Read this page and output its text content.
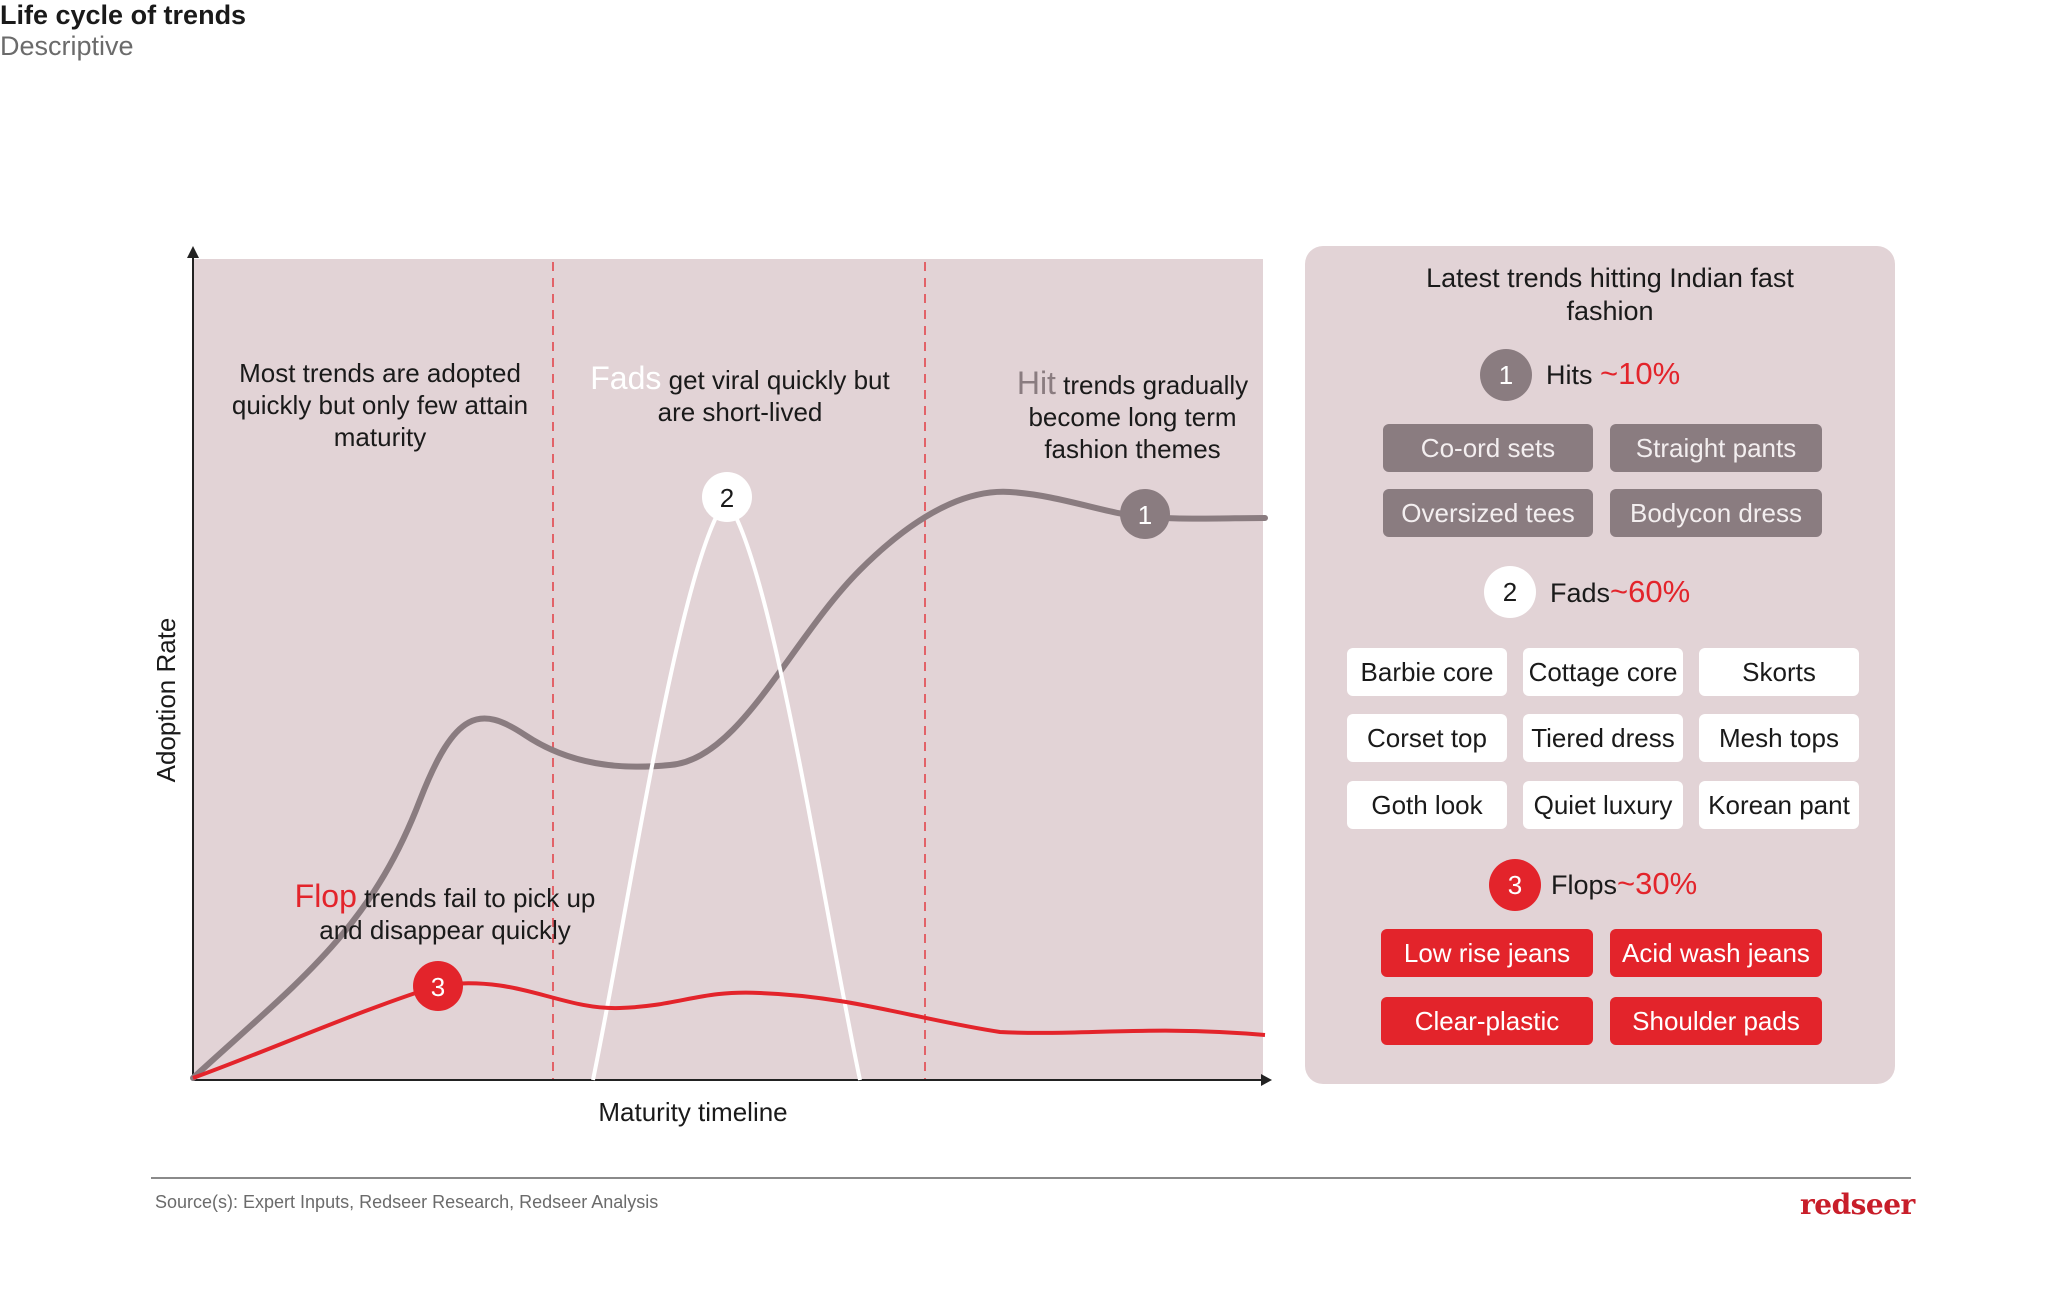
Life cycle of trends
Descriptive
1
2
3
Adoption Rate
Maturity timeline
Most trends are adopted quickly but only few attain maturity
Fads get viral quickly but are short-lived
Hit trends gradually become long term fashion themes
Flop trends fail to pick up and disappear quickly
Latest trends hitting Indian fast fashion
1	Hits ~10%
Co-ord sets	Straight pants
Oversized tees	Bodycon dress
2	Fads~60%
Barbie core	Cottage core	Skorts
Corset top	Tiered dress	Mesh tops
Goth look	Quiet luxury	Korean pant
3	Flops~30%
Low rise jeans	Acid wash jeans
Clear-plastic	Shoulder pads
Source(s): Expert Inputs, Redseer Research, Redseer Analysis	redseer
